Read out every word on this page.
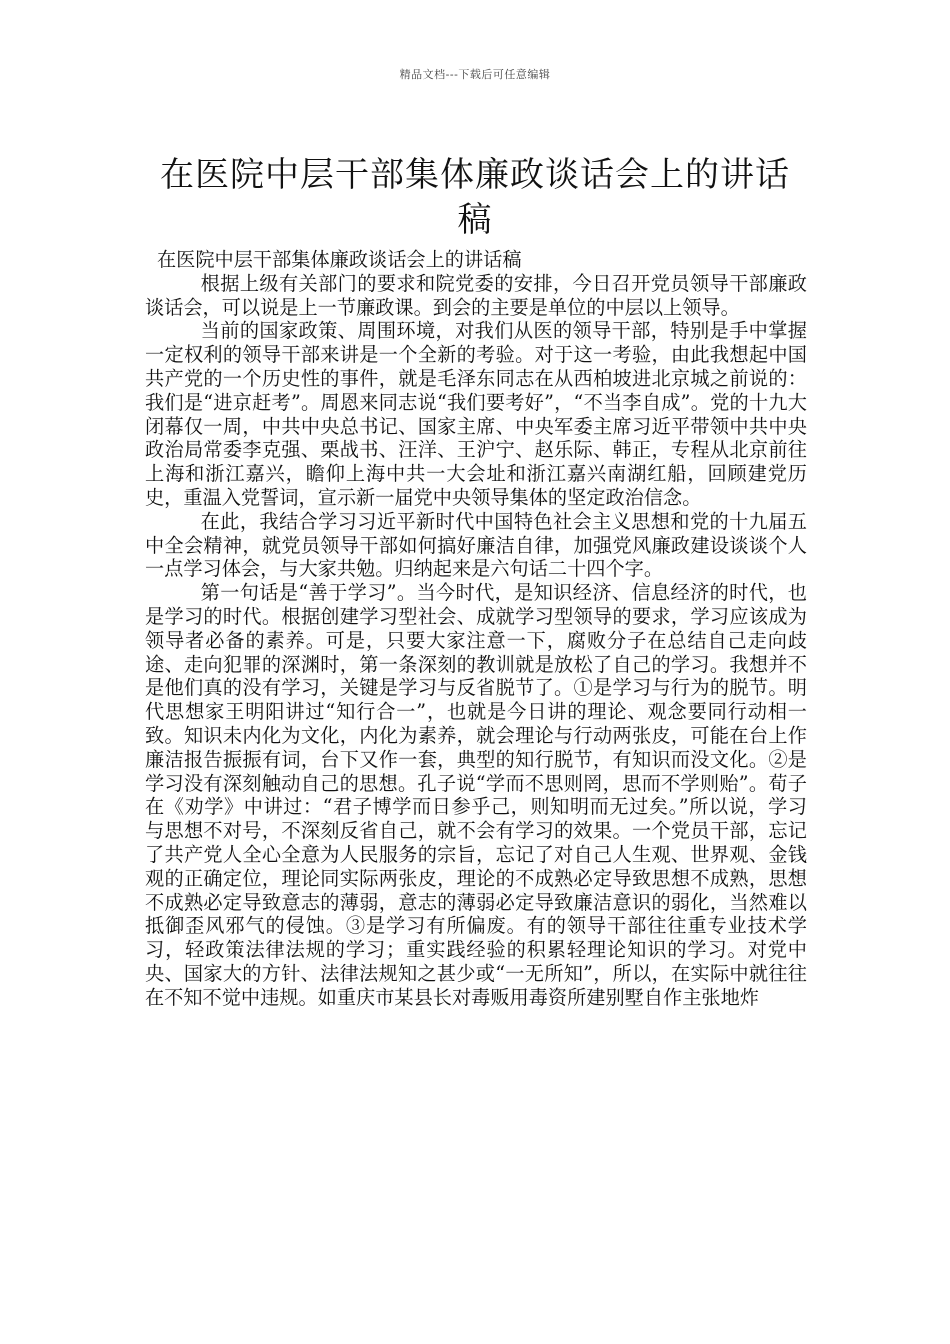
精品文档---下载后可任意编辑
在医院中层干部集体廉政谈话会上的讲话稿

在医院中层干部集体廉政谈话会上的讲话稿

根据上级有关部门的要求和院党委的安排，今日召开党员领导干部廉政谈话会，可以说是上一节廉政课。到会的主要是单位的中层以上领导。

当前的国家政策、周围环境，对我们从医的领导干部，特别是手中掌握一定权利的领导干部来讲是一个全新的考验。对于这一考验，由此我想起中国共产党的一个历史性的事件，就是毛泽东同志在从西柏坡进北京城之前说的：我们是“进京赶考”。周恩来同志说“我们要考好”，“不当李自成”。党的十九大闭幕仅一周，中共中央总书记、国家主席、中央军委主席习近平带领中共中央政治局常委李克强、栗战书、汪洋、王沪宁、赵乐际、韩正，专程从北京前往上海和浙江嘉兴，瞻仰上海中共一大会址和浙江嘉兴南湖红船，回顾建党历史，重温入党誓词，宣示新一届党中央领导集体的坚定政治信念。

在此，我结合学习习近平新时代中国特色社会主义思想和党的十九届五中全会精神，就党员领导干部如何搞好廉洁自律，加强党风廉政建设谈谈个人一点学习体会，与大家共勉。归纳起来是六句话二十四个字。

第一句话是“善于学习”。当今时代，是知识经济、信息经济的时代，也是学习的时代。根据创建学习型社会、成就学习型领导的要求，学习应该成为领导者必备的素养。可是，只要大家注意一下，腐败分子在总结自己走向歧途、走向犯罪的深渊时，第一条深刻的教训就是放松了自己的学习。我想并不是他们真的没有学习，关键是学习与反省脱节了。①是学习与行为的脱节。明代思想家王明阳讲过“知行合一”，也就是今日讲的理论、观念要同行动相一致。知识未内化为文化，内化为素养，就会理论与行动两张皮，可能在台上作廉洁报告振振有词，台下又作一套，典型的知行脱节，有知识而没文化。②是学习没有深刻触动自己的思想。孔子说“学而不思则罔，思而不学则贻”。荀子在《劝学》中讲过：“君子博学而日参乎己，则知明而无过矣。”所以说，学习与思想不对号，不深刻反省自己，就不会有学习的效果。一个党员干部，忘记了共产党人全心全意为人民服务的宗旨，忘记了对自己人生观、世界观、金钱观的正确定位，理论同实际两张皮，理论的不成熟必定导致思想不成熟，思想不成熟必定导致意志的薄弱，意志的薄弱必定导致廉洁意识的弱化，当然难以抵御歪风邪气的侵蚀。③是学习有所偏废。有的领导干部往往重专业技术学习，轻政策法律法规的学习；重实践经验的积累轻理论知识的学习。对党中央、国家大的方针、法律法规知之甚少或“一无所知”，所以，在实际中就往往在不知不觉中违规。如重庆市某县长对毒贩用毒资所建别墅自作主张地炸
